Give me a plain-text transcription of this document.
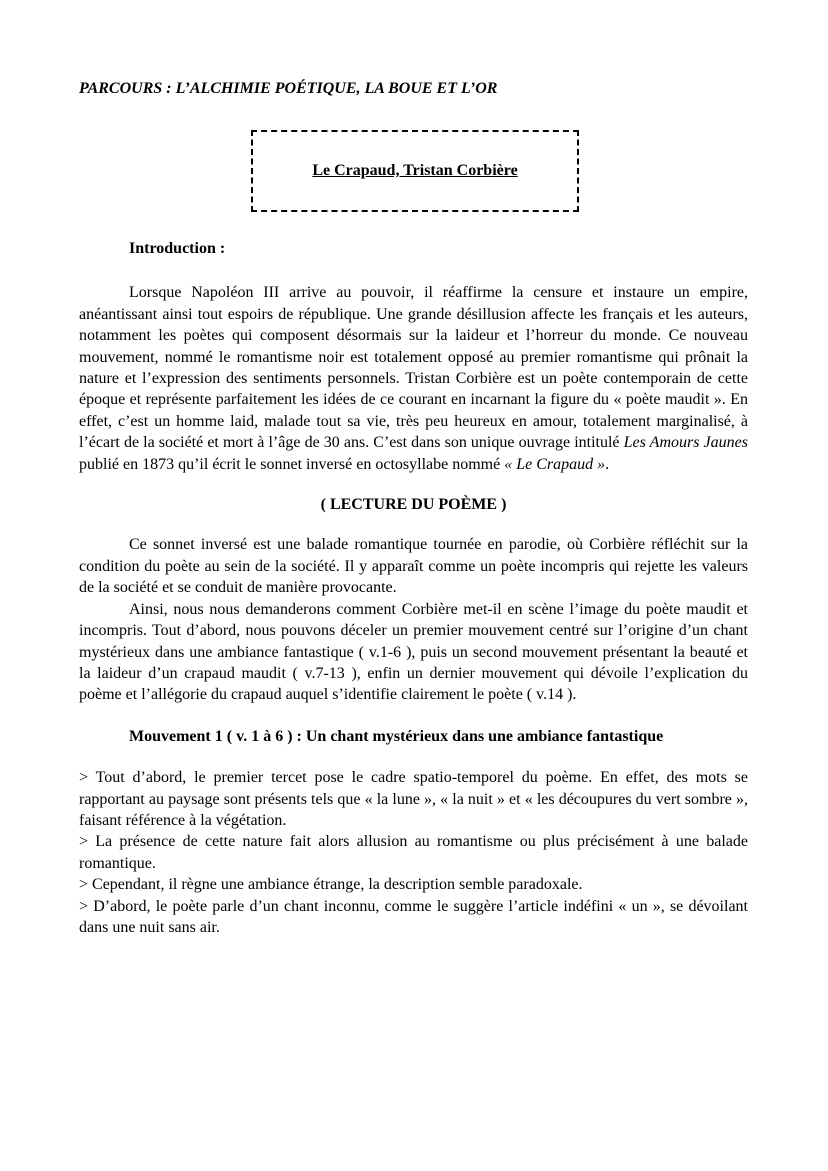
PARCOURS : L’ALCHIMIE POÉTIQUE, LA BOUE ET L’OR
Le Crapaud, Tristan Corbière

Introduction :

Lorsque Napoléon III arrive au pouvoir, il réaffirme la censure et instaure un empire, anéantissant ainsi tout espoirs de république. Une grande désillusion affecte les français et les auteurs, notamment les poètes qui composent désormais sur la laideur et l’horreur du monde. Ce nouveau mouvement, nommé le romantisme noir est totalement opposé au premier romantisme qui prônait la nature et l’expression des sentiments personnels. Tristan Corbière est un poète contemporain de cette époque et représente parfaitement les idées de ce courant en incarnant la figure du « poète maudit ». En effet, c’est un homme laid, malade tout sa vie, très peu heureux en amour, totalement marginalisé, à l’écart de la société et mort à l’âge de 30 ans. C’est dans son unique ouvrage intitulé Les Amours Jaunes publié en 1873 qu’il écrit le sonnet inversé en octosyllabe nommé « Le Crapaud ».

( LECTURE DU POÈME )

Ce sonnet inversé est une balade romantique tournée en parodie, où Corbière réfléchit sur la condition du poète au sein de la société. Il y apparaît comme un poète incompris qui rejette les valeurs de la société et se conduit de manière provocante.

Ainsi, nous nous demanderons comment Corbière met-il en scène l’image du poète maudit et incompris. Tout d’abord, nous pouvons déceler un premier mouvement centré sur l’origine d’un chant mystérieux dans une ambiance fantastique ( v.1-6 ), puis un second mouvement présentant la beauté et la laideur d’un crapaud maudit ( v.7-13 ), enfin un dernier mouvement qui dévoile l’explication du poème et l’allégorie du crapaud auquel s’identifie clairement le poète ( v.14 ).

Mouvement 1 ( v. 1 à 6 ) : Un chant mystérieux dans une ambiance fantastique

> Tout d’abord, le premier tercet pose le cadre spatio-temporel du poème. En effet, des mots se rapportant au paysage sont présents tels que « la lune », « la nuit » et « les découpures du vert sombre », faisant référence à la végétation.

> La présence de cette nature fait alors allusion au romantisme ou plus précisément à une balade romantique.

> Cependant, il règne une ambiance étrange, la description semble paradoxale.

> D’abord, le poète parle d’un chant inconnu, comme le suggère l’article indéfini « un », se dévoilant dans une nuit sans air.
